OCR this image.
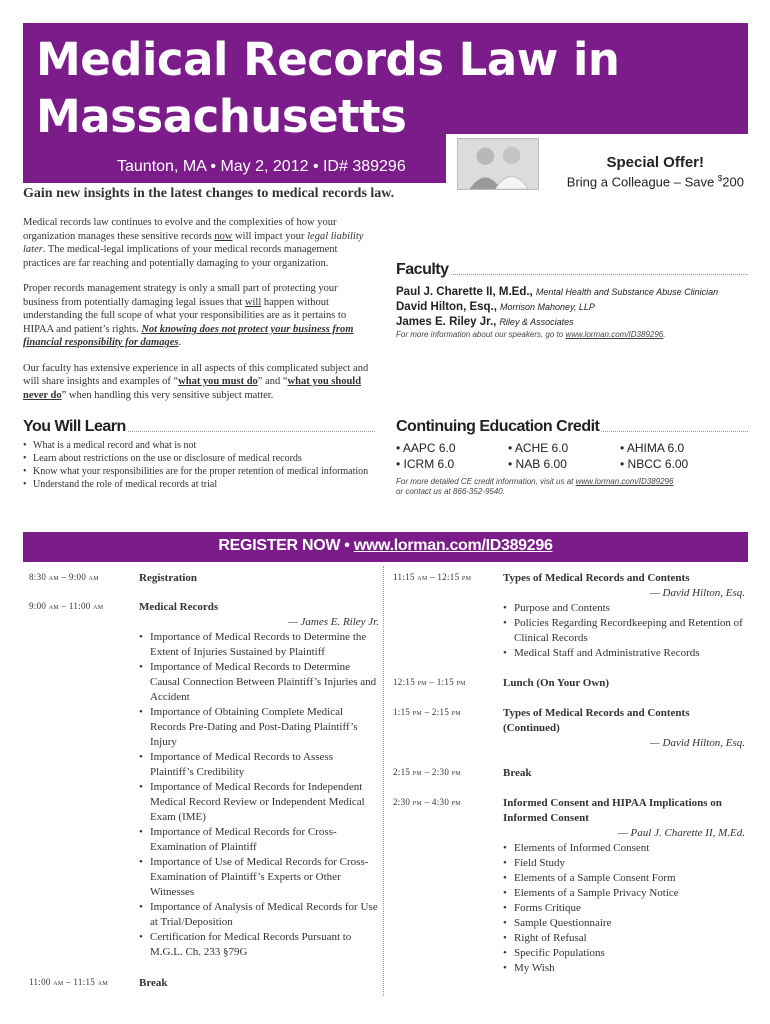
Medical Records Law in Massachusetts
Taunton, MA • May 2, 2012 • ID# 389296	Special Offer!
Bring a Colleague – Save $200
Gain new insights in the latest changes to medical records law.

Medical records law continues to evolve and the complexities of how your organization manages these sensitive records now will impact your legal liability later. The medical-legal implications of your medical records management practices are far reaching and potentially damaging to your organization.

Proper records management strategy is only a small part of protecting your business from potentially damaging legal issues that will happen without understanding the full scope of what your responsibilities are as it pertains to HIPAA and patient’s rights. Not knowing does not protect your business from financial responsibility for damages.

Our faculty has extensive experience in all aspects of this complicated subject and will share insights and examples of “what you must do” and “what you should never do” when handling this very sensitive subject matter.

Faculty
Paul J. Charette II, M.Ed., Mental Health and Substance Abuse Clinician
David Hilton, Esq., Morrison Mahoney, LLP
James E. Riley Jr., Riley & Associates
For more information about our speakers, go to www.lorman.com/ID389296.
You Will Learn
• What is a medical record and what is not
• Learn about restrictions on the use or disclosure of medical records
• Know what your responsibilities are for the proper retention of medical information
• Understand the role of medical records at trial
Continuing Education Credit
• AAPC 6.0	• ACHE 6.0	• AHIMA 6.0
• ICRM 6.0	• NAB 6.00	• NBCC 6.00
For more detailed CE credit information, visit us at www.lorman.com/ID389296
or contact us at 866-352-9540.
REGISTER NOW • www.lorman.com/ID389296
8:30 am – 9:00 am	Registration
9:00 am – 11:00 am	Medical Records
— James E. Riley Jr.
• Importance of Medical Records to Determine the Extent of Injuries Sustained by Plaintiff
• Importance of Medical Records to Determine Causal Connection Between Plaintiff’s Injuries and Accident
• Importance of Obtaining Complete Medical Records Pre-Dating and Post-Dating Plaintiff’s Injury
• Importance of Medical Records to Assess Plaintiff’s Credibility
• Importance of Medical Records for Independent Medical Record Review or Independent Medical Exam (IME)
• Importance of Medical Records for Cross-Examination of Plaintiff
• Importance of Use of Medical Records for Cross-Examination of Plaintiff’s Experts or Other Witnesses
• Importance of Analysis of Medical Records for Use at Trial/Deposition
• Certification for Medical Records Pursuant to M.G.L. Ch. 233 §79G
11:00 am – 11:15 am	Break
11:15 am – 12:15 pm	Types of Medical Records and Contents
— David Hilton, Esq.
• Purpose and Contents
• Policies Regarding Recordkeeping and Retention of Clinical Records
• Medical Staff and Administrative Records
12:15 pm – 1:15 pm	Lunch (On Your Own)
1:15 pm – 2:15 pm	Types of Medical Records and Contents (Continued)
— David Hilton, Esq.
2:15 pm – 2:30 pm	Break
2:30 pm – 4:30 pm	Informed Consent and HIPAA Implications on Informed Consent
— Paul J. Charette II, M.Ed.
• Elements of Informed Consent
• Field Study
• Elements of a Sample Consent Form
• Elements of a Sample Privacy Notice
• Forms Critique
• Sample Questionnaire
• Right of Refusal
• Specific Populations
• My Wish
